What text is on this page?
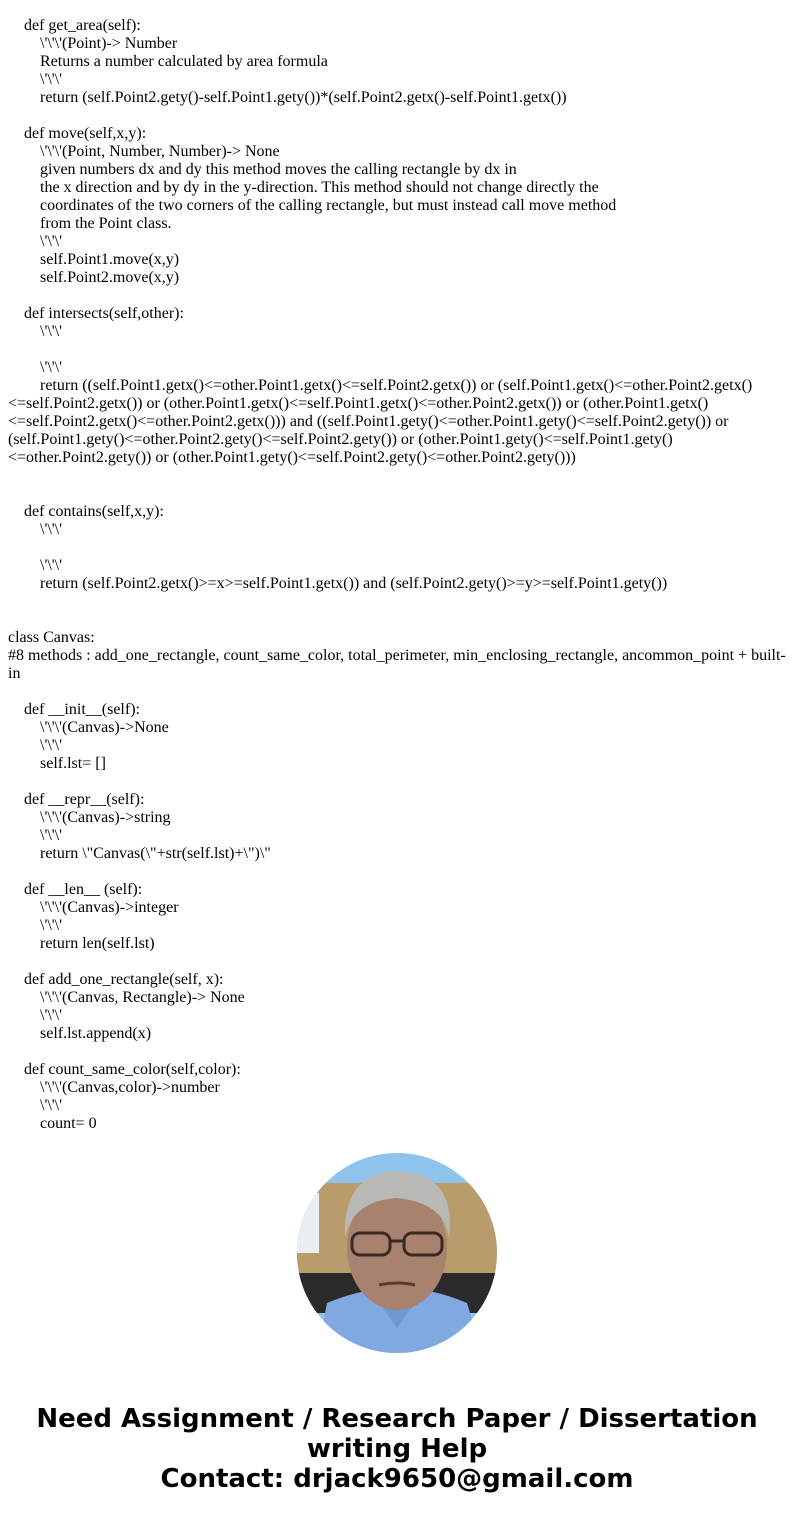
def get_area(self):
\'\'\'(Point)-> Number
Returns a number calculated by area formula
\'\'\'
return (self.Point2.gety()-self.Point1.gety())*(self.Point2.getx()-self.Point1.getx())
def move(self,x,y):
\'\'\'(Point, Number, Number)-> None
given numbers dx and dy this method moves the calling rectangle by dx in
the x direction and by dy in the y-direction. This method should not change directly the
coordinates of the two corners of the calling rectangle, but must instead call move method
from the Point class.
\'\'\'
self.Point1.move(x,y)
self.Point2.move(x,y)
def intersects(self,other):
\'\'\'
\'\'\'
return ((self.Point1.getx()<=other.Point1.getx()<=self.Point2.getx()) or (self.Point1.getx()<=other.Point2.getx() <=self.Point2.getx()) or (other.Point1.getx()<=self.Point1.getx()<=other.Point2.getx()) or (other.Point1.getx() <=self.Point2.getx()<=other.Point2.getx())) and ((self.Point1.gety()<=other.Point1.gety()<=self.Point2.gety()) or (self.Point1.gety()<=other.Point2.gety()<=self.Point2.gety()) or (other.Point1.gety()<=self.Point1.gety() <=other.Point2.gety()) or (other.Point1.gety()<=self.Point2.gety()<=other.Point2.gety()))
def contains(self,x,y):
\'\'\'
\'\'\'
return (self.Point2.getx()>=x>=self.Point1.getx()) and (self.Point2.gety()>=y>=self.Point1.gety())
class Canvas:
#8 methods : add_one_rectangle, count_same_color, total_perimeter, min_enclosing_rectangle, ancommon_point + built-in
def __init__(self):
\'\'\'(Canvas)->None
\'\'\'
self.lst= []
def __repr__(self):
\'\'\'(Canvas)->string
\'\'\'
return \"Canvas(\"+str(self.lst)+\")\"
def __len__ (self):
\'\'\'(Canvas)->integer
\'\'\'
return len(self.lst)
def add_one_rectangle(self, x):
\'\'\'(Canvas, Rectangle)-> None
\'\'\'
self.lst.append(x)
def count_same_color(self,color):
\'\'\'(Canvas,color)->number
\'\'\'
count= 0
Need Assignment / Research Paper / Dissertation writing Help
Contact: drjack9650@gmail.com
